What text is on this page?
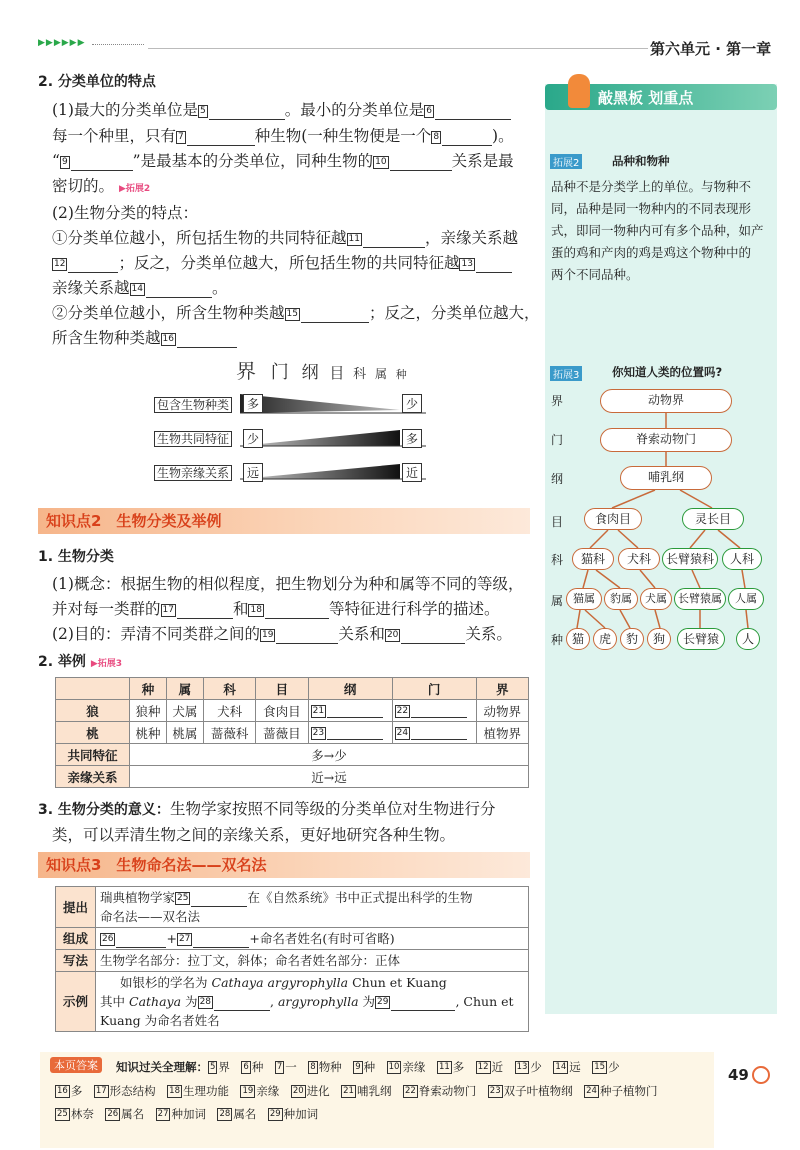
▶▶▶▶▶▶	第六单元 · 第一章
2. 分类单位的特点
(1)最大的分类单位是 5	。最小的分类单位是 6
每一个种里，只有 7	种生物(一种生物便是一个 8	)。
“ 9	”是最基本的分类单位，同种生物的 10	关系是最
密切的。 ▶拓展2
(2)生物分类的特点：
①分类单位越小，所包括生物的共同特征越 11	，亲缘关系越
12	；反之，分类单位越大，所包括生物的共同特征越 13
亲缘关系越 14	。
②分类单位越小，所含生物种类越 15	；反之，分类单位越大，
所含生物种类越 16
界 门 纲 目 科 属 种
包含生物种类	多	少
生物共同特征	少	多
生物亲缘关系	远	近
知识点2　生物分类及举例
1. 生物分类
(1)概念：根据生物的相似程度，把生物划分为种和属等不同的等级，
并对每一类群的 17	和 18	等特征进行科学的描述。
(2)目的：弄清不同类群之间的 19	关系和 20	关系。
2. 举例 ▶拓展3
	种	属	科	目	纲	门	界
狼	狼种	犬属	犬科	食肉目	21	22	动物界
桃	桃种	桃属	蔷薇科	蔷薇目	23	24	植物界
共同特征	多→少						
亲缘关系	近→远						
3. 生物分类的意义：生物学家按照不同等级的分类单位对生物进行分
类，可以弄清生物之间的亲缘关系，更好地研究各种生物。
知识点3　生物命名法——双名法
提出	瑞典植物学家 25 在《自然系统》书中正式提出科学的生物
命名法——双名法
组成	26 + 27 +命名者姓名(有时可省略)
写法	生物学名部分：拉丁文，斜体；命名者姓名部分：正体
示例	如银杉的学名为 Cathaya argyrophylla Chun et Kuang
其中 Cathaya 为 28 , argyrophylla 为 29 , Chun et
Kuang 为命名者姓名
敲黑板 划重点
拓展2	品种和物种
品种不是分类学上的单位。与物种不
同，品种是同一物种内的不同表现形
式，即同一物种内可有多个品种，如产
蛋的鸡和产肉的鸡是鸡这个物种中的
两个不同品种。
拓展3	你知道人类的位置吗?
界
门
纲
目
科
属
种
动物界
脊索动物门
哺乳纲
食肉目	灵长目
猫科	犬科	长臂猿科	人科
猫属	豹属	犬属	长臂猿属	人属
猫	虎	豹	狗	长臂猿	人
本页答案
49
知识过关全理解： 5 界　 6 种　 7 一　 8 物种　 9 种　 10 亲缘　 11 多　 12 近　 13 少　 14 远　 15 少
16 多　 17 形态结构　 18 生理功能　 19 亲缘　 20 进化　 21 哺乳纲　 22 脊索动物门　 23 双子叶植物纲　 24 种子植物门
25 林奈　 26 属名　 27 种加词　 28 属名　 29 种加词
